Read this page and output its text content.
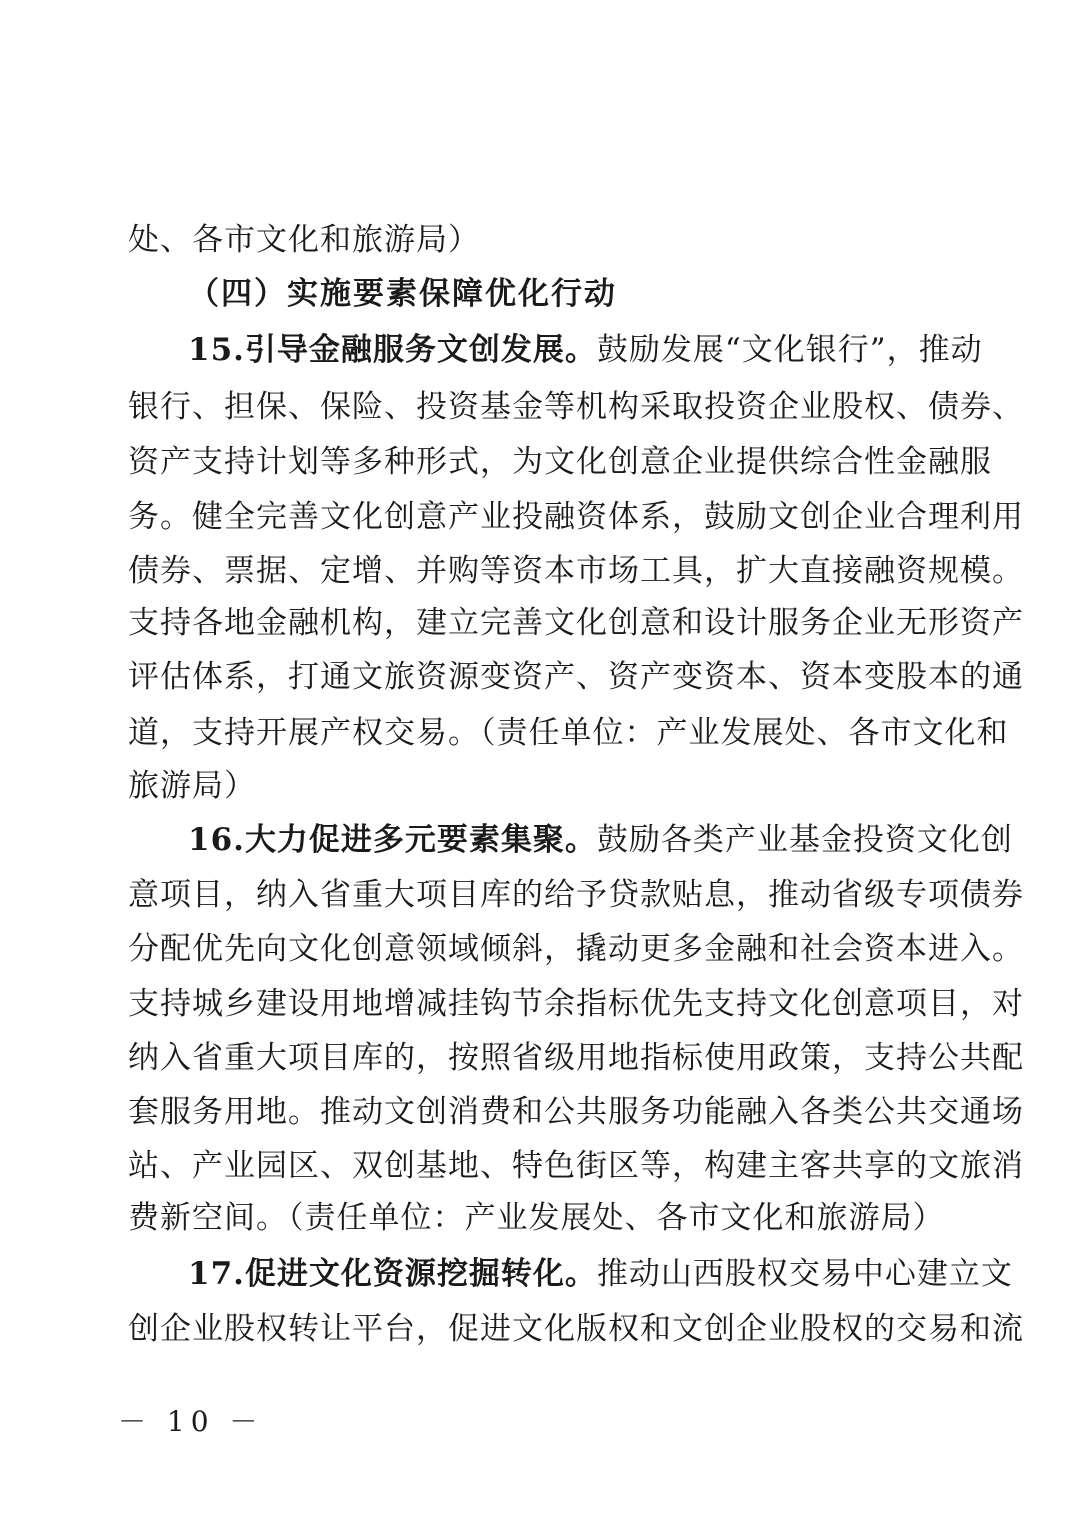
处、各市文化和旅游局）
（四）实施要素保障优化行动
15.引导金融服务文创发展。鼓励发展“文化银行”，推动
银行、担保、保险、投资基金等机构采取投资企业股权、债券、
资产支持计划等多种形式，为文化创意企业提供综合性金融服
务。健全完善文化创意产业投融资体系，鼓励文创企业合理利用
债券、票据、定增、并购等资本市场工具，扩大直接融资规模。
支持各地金融机构，建立完善文化创意和设计服务企业无形资产
评估体系，打通文旅资源变资产、资产变资本、资本变股本的通
道，支持开展产权交易。（责任单位：产业发展处、各市文化和
旅游局）
16.大力促进多元要素集聚。鼓励各类产业基金投资文化创
意项目，纳入省重大项目库的给予贷款贴息，推动省级专项债券
分配优先向文化创意领域倾斜，撬动更多金融和社会资本进入。
支持城乡建设用地增减挂钩节余指标优先支持文化创意项目，对
纳入省重大项目库的，按照省级用地指标使用政策，支持公共配
套服务用地。推动文创消费和公共服务功能融入各类公共交通场
站、产业园区、双创基地、特色街区等，构建主客共享的文旅消
费新空间。（责任单位：产业发展处、各市文化和旅游局）
17.促进文化资源挖掘转化。推动山西股权交易中心建立文
创企业股权转让平台，促进文化版权和文创企业股权的交易和流
－ 10 －
